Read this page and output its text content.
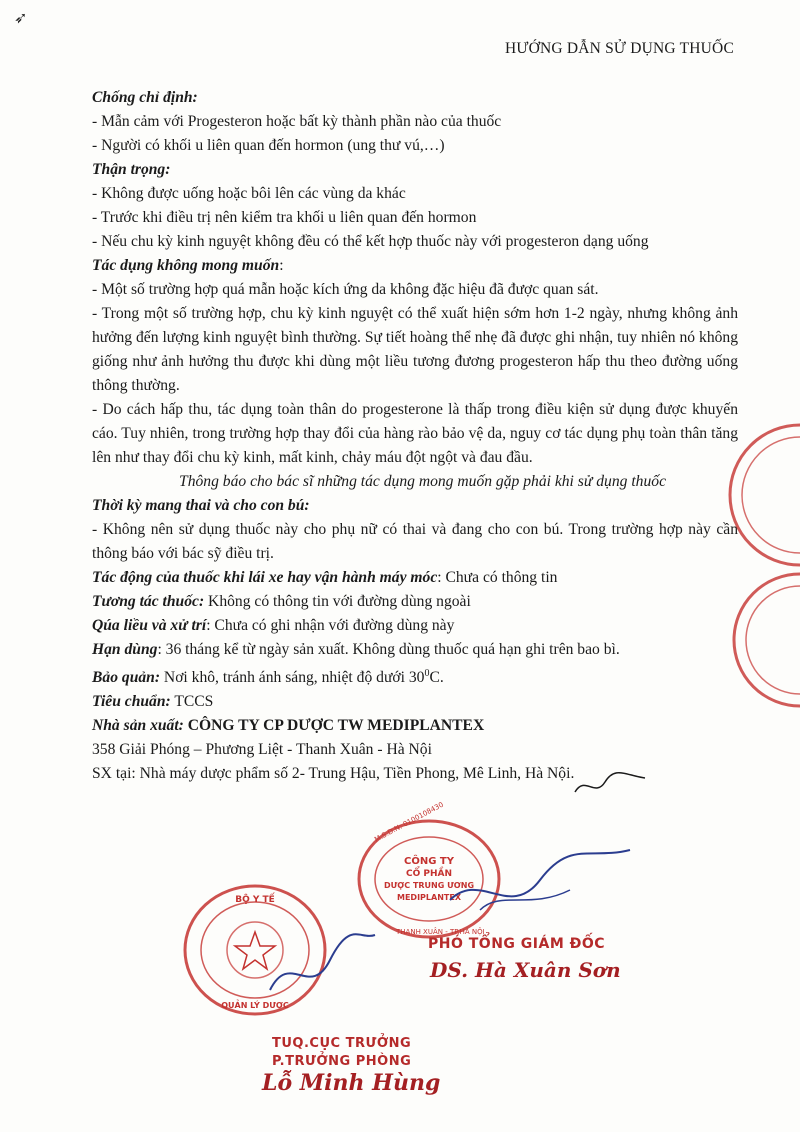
➶
HƯỚNG DẪN SỬ DỤNG THUỐC

Chống chỉ định:

- Mẫn cảm với Progesteron hoặc bất kỳ thành phần nào của thuốc

- Người có khối u liên quan đến hormon (ung thư vú,…)

Thận trọng:

- Không được uống hoặc bôi lên các vùng da khác

- Trước khi điều trị nên kiểm tra khối u liên quan đến hormon

- Nếu chu kỳ kinh nguyệt không đều có thể kết hợp thuốc này với progesteron dạng uống

Tác dụng không mong muốn:

- Một số trường hợp quá mẫn hoặc kích ứng da không đặc hiệu đã được quan sát.

- Trong một số trường hợp, chu kỳ kinh nguyệt có thể xuất hiện sớm hơn 1-2 ngày, nhưng không ảnh hưởng đến lượng kinh nguyệt bình thường. Sự tiết hoàng thể nhẹ đã được ghi nhận, tuy nhiên nó không giống như ảnh hưởng thu được khi dùng một liều tương đương progesteron hấp thu theo đường uống thông thường.

- Do cách hấp thu, tác dụng toàn thân do progesterone là thấp trong điều kiện sử dụng được khuyến cáo. Tuy nhiên, trong trường hợp thay đổi của hàng rào bảo vệ da, nguy cơ tác dụng phụ toàn thân tăng lên như thay đổi chu kỳ kinh, mất kinh, chảy máu đột ngột và đau đầu.

Thông báo cho bác sĩ những tác dụng mong muốn gặp phải khi sử dụng thuốc

Thời kỳ mang thai và cho con bú:

- Không nên sử dụng thuốc này cho phụ nữ có thai và đang cho con bú. Trong trường hợp này cần thông báo với bác sỹ điều trị.

Tác động của thuốc khi lái xe hay vận hành máy móc: Chưa có thông tin

Tương tác thuốc: Không có thông tin với đường dùng ngoài

Qúa liều và xử trí: Chưa có ghi nhận với đường dùng này

Hạn dùng: 36 tháng kể từ ngày sản xuất. Không dùng thuốc quá hạn ghi trên bao bì.

Bảo quản: Nơi khô, tránh ánh sáng, nhiệt độ dưới $30^0C$.

Tiêu chuẩn: TCCS

Nhà sản xuất: CÔNG TY CP DƯỢC TW MEDIPLANTEX

358 Giải Phóng – Phương Liệt - Thanh Xuân - Hà Nội

SX tại: Nhà máy dược phẩm số 2- Trung Hậu, Tiền Phong, Mê Linh, Hà Nội.

CÔNG TY
CỔ PHẦN
DƯỢC TRUNG ƯƠNG
MEDIPLANTEX
M.S.D.N: 0100108430
THANH XUÂN - TP.HÀ NỘI
PHÓ TỔNG GIÁM ĐỐC
DS. Hà Xuân Sơn
BỘ Y TẾ
QUẢN LÝ DƯỢC
TUQ.CỤC TRƯỞNG
P.TRƯỞNG PHÒNG
Lỗ Minh Hùng
